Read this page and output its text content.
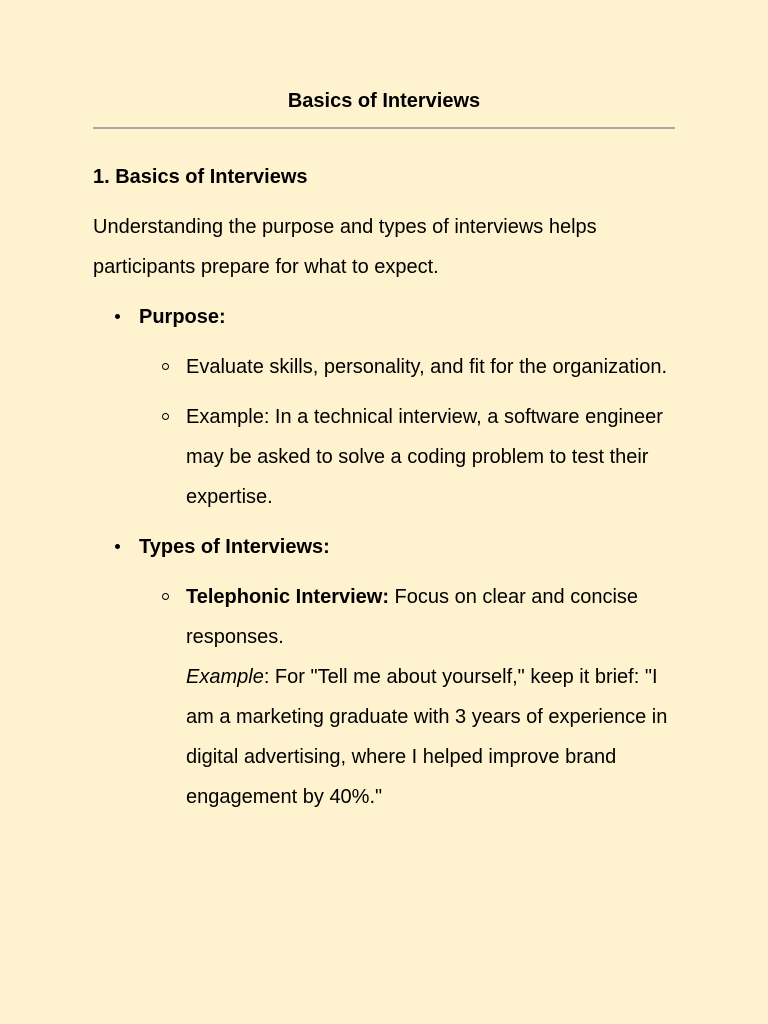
Basics of Interviews
1. Basics of Interviews
Understanding the purpose and types of interviews helps participants prepare for what to expect.
Purpose:
Evaluate skills, personality, and fit for the organization.
Example: In a technical interview, a software engineer may be asked to solve a coding problem to test their expertise.
Types of Interviews:
Telephonic Interview: Focus on clear and concise responses.
Example: For "Tell me about yourself," keep it brief: "I am a marketing graduate with 3 years of experience in digital advertising, where I helped improve brand engagement by 40%."
